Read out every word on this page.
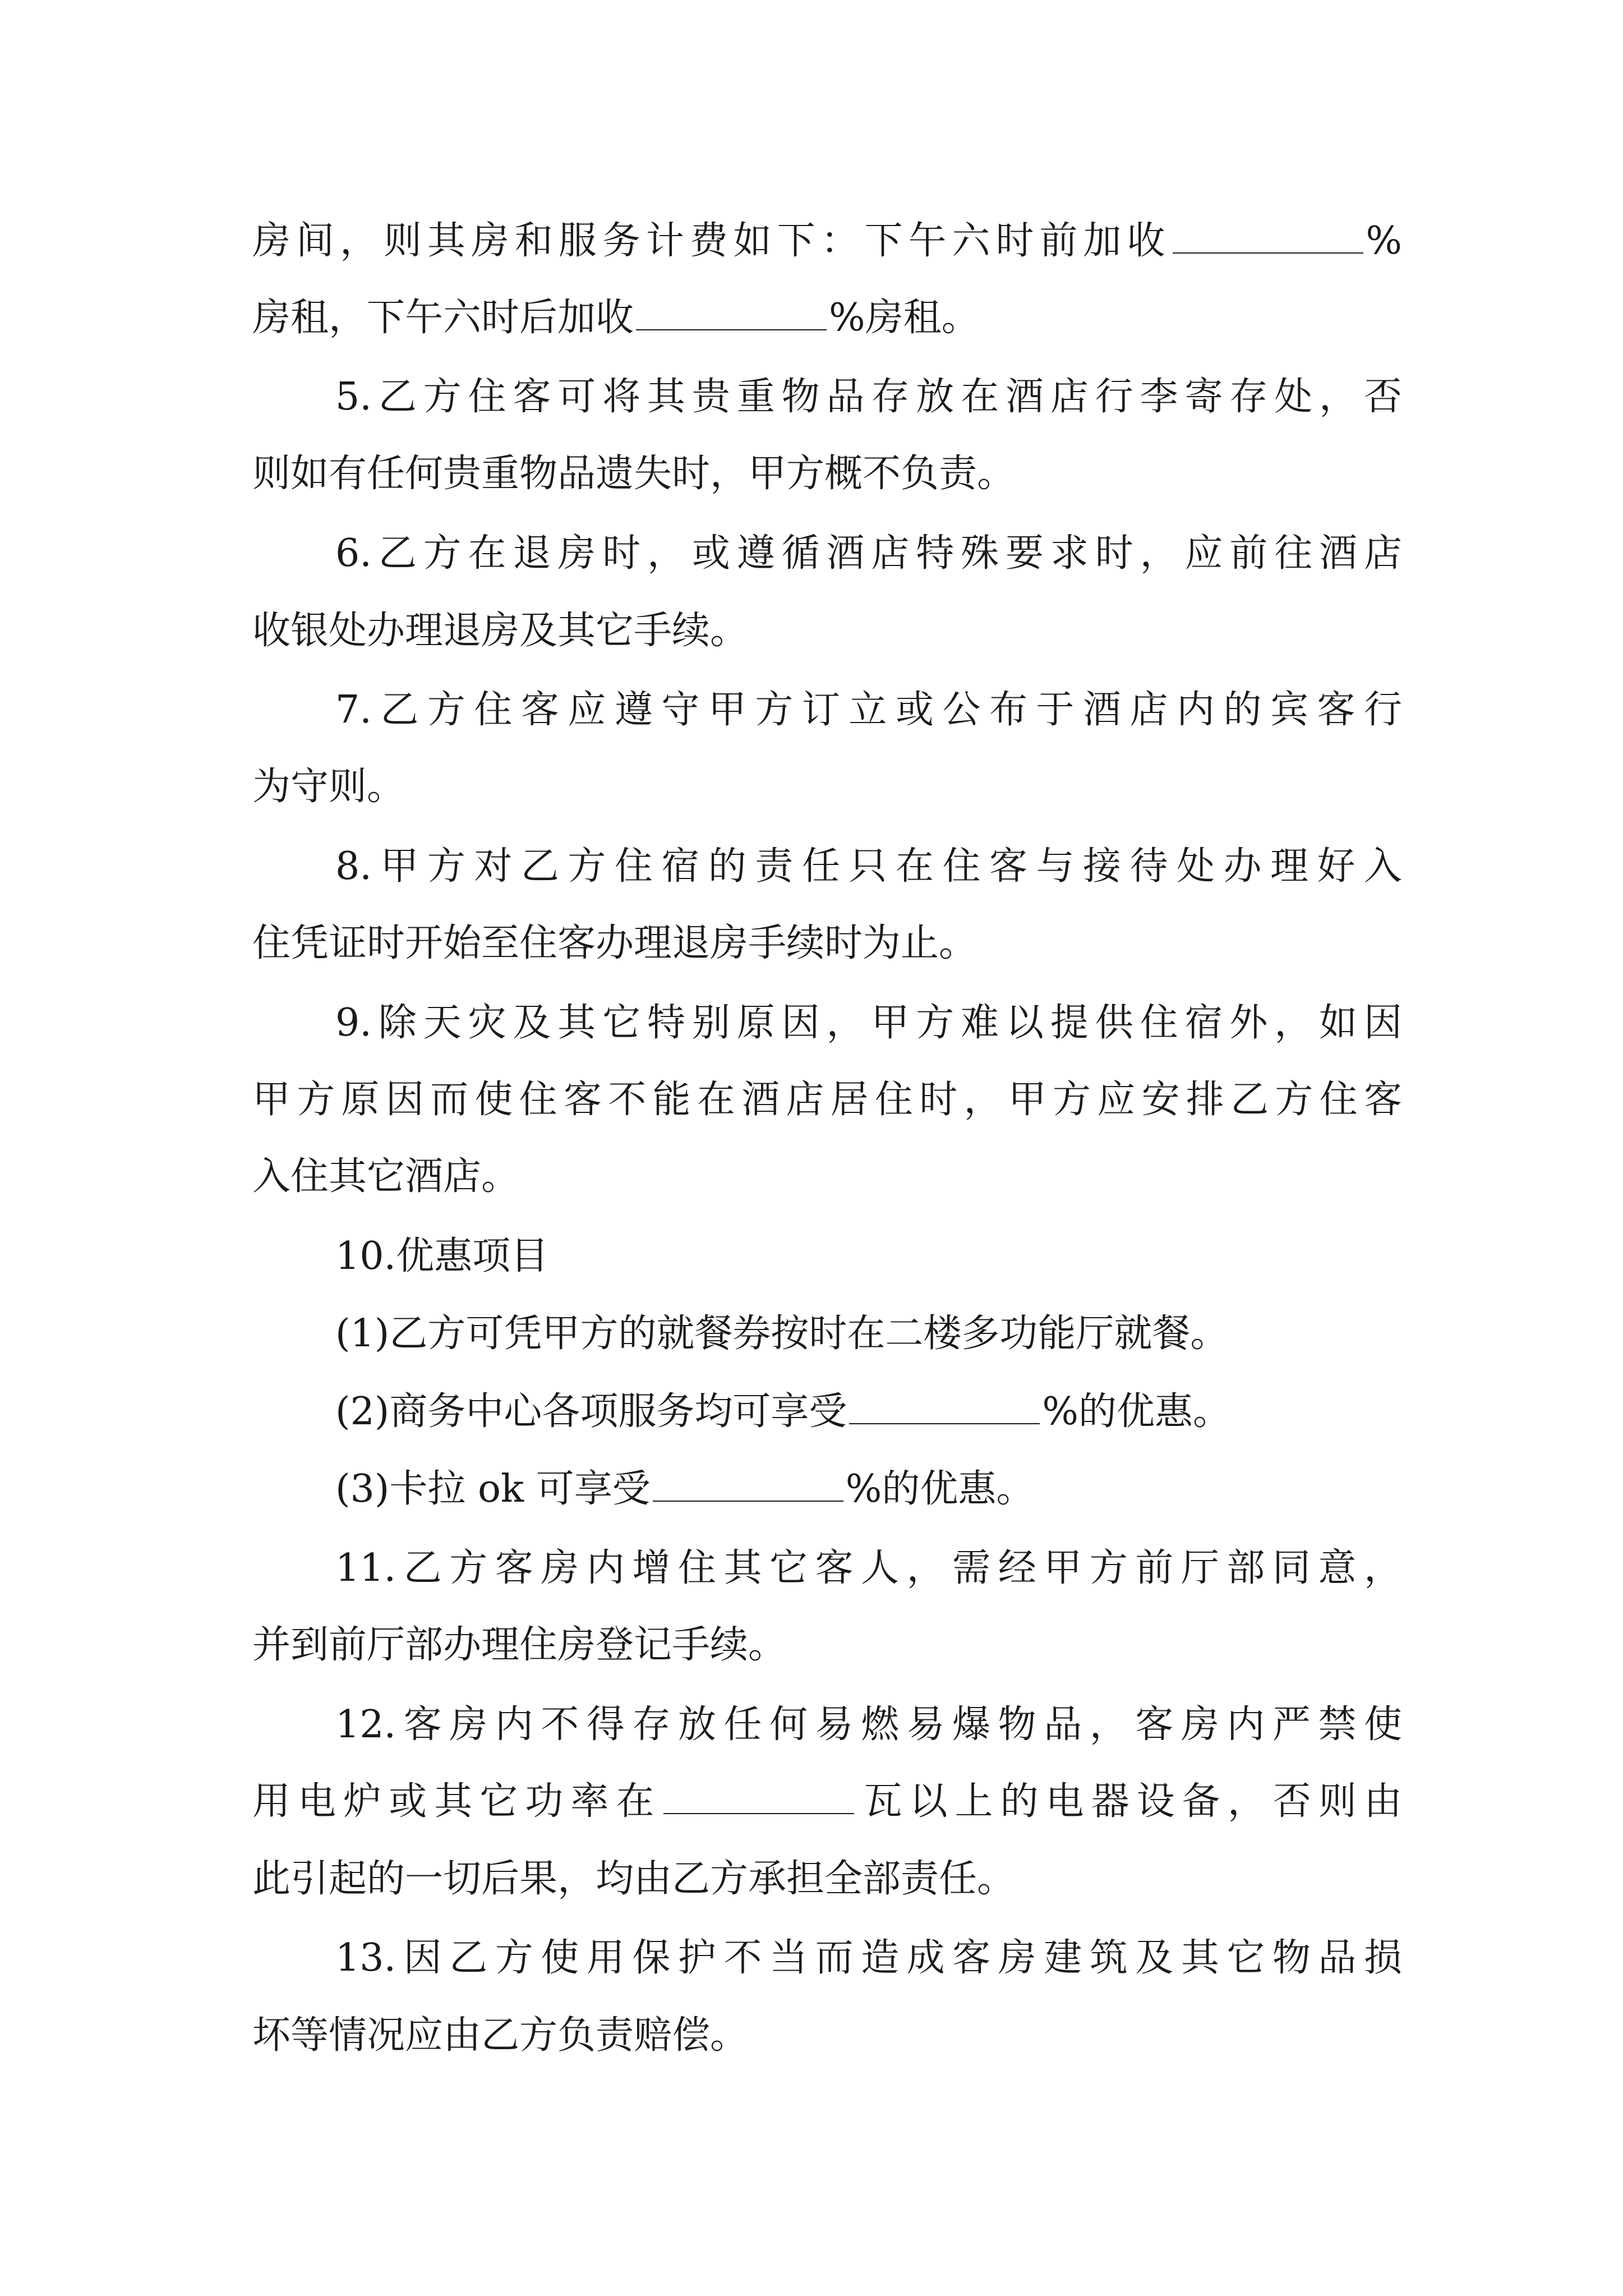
房间，则其房和服务计费如下：下午六时前加收	%
房租，下午六时后加收	%房租。
5.乙方住客可将其贵重物品存放在酒店行李寄存处，否
则如有任何贵重物品遗失时，甲方概不负责。
6.乙方在退房时，或遵循酒店特殊要求时，应前往酒店
收银处办理退房及其它手续。
7.乙方住客应遵守甲方订立或公布于酒店内的宾客行
为守则。
8.甲方对乙方住宿的责任只在住客与接待处办理好入
住凭证时开始至住客办理退房手续时为止。
9.除天灾及其它特别原因，甲方难以提供住宿外，如因
甲方原因而使住客不能在酒店居住时，甲方应安排乙方住客
入住其它酒店。
10.优惠项目
(1)乙方可凭甲方的就餐券按时在二楼多功能厅就餐。
(2)商务中心各项服务均可享受	%的优惠。
(3)卡拉 ok 可享受	%的优惠。
11.乙方客房内增住其它客人，需经甲方前厅部同意，
并到前厅部办理住房登记手续。
12.客房内不得存放任何易燃易爆物品，客房内严禁使
用电炉或其它功率在	瓦以上的电器设备，否则由
此引起的一切后果，均由乙方承担全部责任。
13.因乙方使用保护不当而造成客房建筑及其它物品损
坏等情况应由乙方负责赔偿。
